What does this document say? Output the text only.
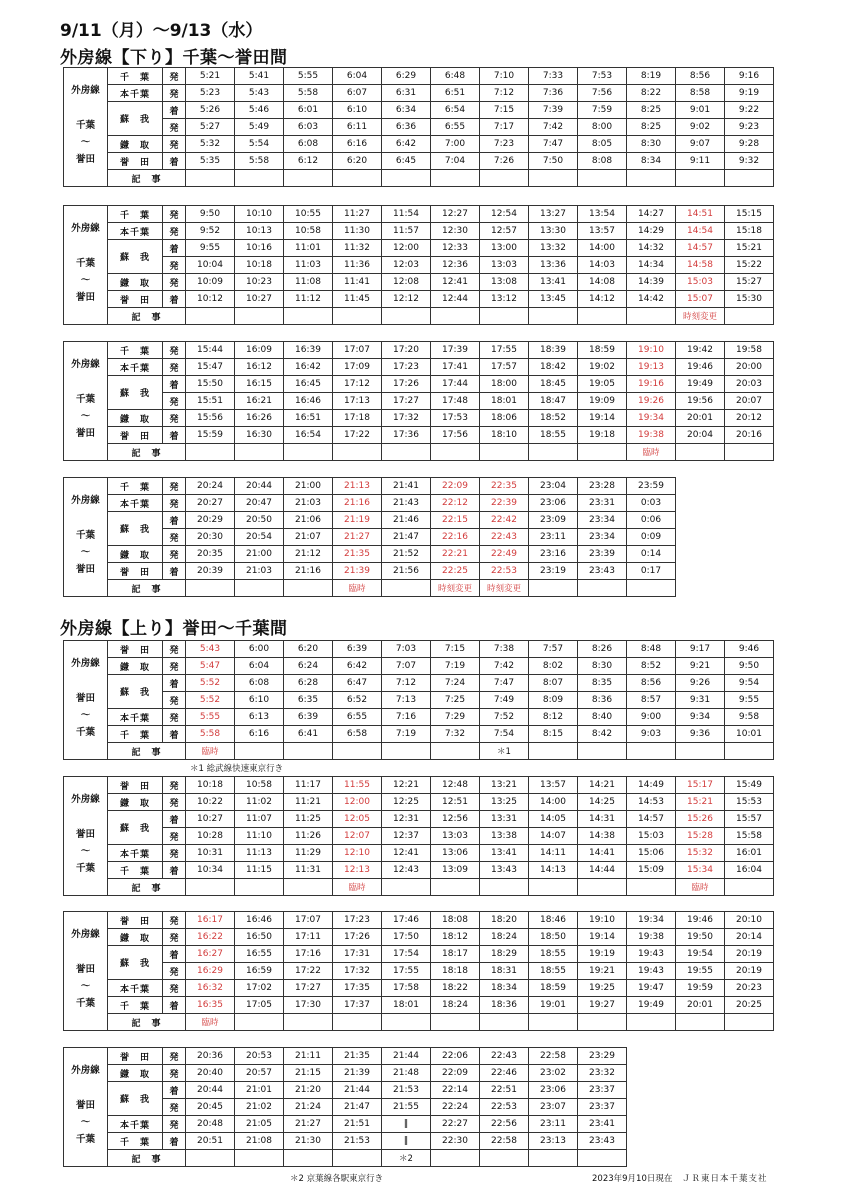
9/11（月）～9/13（水）
外房線【下り】千葉～誉田間
外房線【上り】誉田～千葉間
外房線
千葉
～
誉田	千　葉	発	5:21	5:41	5:55	6:04	6:29	6:48	7:10	7:33	7:53	8:19	8:56	9:16
	本千葉	発	5:23	5:43	5:58	6:07	6:31	6:51	7:12	7:36	7:56	8:22	8:58	9:19
	蘇　我	着	5:26	5:46	6:01	6:10	6:34	6:54	7:15	7:39	7:59	8:25	9:01	9:22
		発	5:27	5:49	6:03	6:11	6:36	6:55	7:17	7:42	8:00	8:25	9:02	9:23
	鎌　取	発	5:32	5:54	6:08	6:16	6:42	7:00	7:23	7:47	8:05	8:30	9:07	9:28
	誉　田	着	5:35	5:58	6:12	6:20	6:45	7:04	7:26	7:50	8:08	8:34	9:11	9:32
	記　事													
外房線
千葉
～
誉田	千　葉	発	9:50	10:10	10:55	11:27	11:54	12:27	12:54	13:27	13:54	14:27	14:51	15:15
	本千葉	発	9:52	10:13	10:58	11:30	11:57	12:30	12:57	13:30	13:57	14:29	14:54	15:18
	蘇　我	着	9:55	10:16	11:01	11:32	12:00	12:33	13:00	13:32	14:00	14:32	14:57	15:21
		発	10:04	10:18	11:03	11:36	12:03	12:36	13:03	13:36	14:03	14:34	14:58	15:22
	鎌　取	発	10:09	10:23	11:08	11:41	12:08	12:41	13:08	13:41	14:08	14:39	15:03	15:27
	誉　田	着	10:12	10:27	11:12	11:45	12:12	12:44	13:12	13:45	14:12	14:42	15:07	15:30
	記　事												時刻変更	
外房線
千葉
～
誉田	千　葉	発	15:44	16:09	16:39	17:07	17:20	17:39	17:55	18:39	18:59	19:10	19:42	19:58
	本千葉	発	15:47	16:12	16:42	17:09	17:23	17:41	17:57	18:42	19:02	19:13	19:46	20:00
	蘇　我	着	15:50	16:15	16:45	17:12	17:26	17:44	18:00	18:45	19:05	19:16	19:49	20:03
		発	15:51	16:21	16:46	17:13	17:27	17:48	18:01	18:47	19:09	19:26	19:56	20:07
	鎌　取	発	15:56	16:26	16:51	17:18	17:32	17:53	18:06	18:52	19:14	19:34	20:01	20:12
	誉　田	着	15:59	16:30	16:54	17:22	17:36	17:56	18:10	18:55	19:18	19:38	20:04	20:16
	記　事											臨時		
外房線
千葉
～
誉田	千　葉	発	20:24	20:44	21:00	21:13	21:41	22:09	22:35	23:04	23:28	23:59
	本千葉	発	20:27	20:47	21:03	21:16	21:43	22:12	22:39	23:06	23:31	0:03
	蘇　我	着	20:29	20:50	21:06	21:19	21:46	22:15	22:42	23:09	23:34	0:06
		発	20:30	20:54	21:07	21:27	21:47	22:16	22:43	23:11	23:34	0:09
	鎌　取	発	20:35	21:00	21:12	21:35	21:52	22:21	22:49	23:16	23:39	0:14
	誉　田	着	20:39	21:03	21:16	21:39	21:56	22:25	22:53	23:19	23:43	0:17
	記　事					臨時		時刻変更	時刻変更			
外房線
誉田
～
千葉	誉　田	発	5:43	6:00	6:20	6:39	7:03	7:15	7:38	7:57	8:26	8:48	9:17	9:46
	鎌　取	発	5:47	6:04	6:24	6:42	7:07	7:19	7:42	8:02	8:30	8:52	9:21	9:50
	蘇　我	着	5:52	6:08	6:28	6:47	7:12	7:24	7:47	8:07	8:35	8:56	9:26	9:54
		発	5:52	6:10	6:35	6:52	7:13	7:25	7:49	8:09	8:36	8:57	9:31	9:55
	本千葉	発	5:55	6:13	6:39	6:55	7:16	7:29	7:52	8:12	8:40	9:00	9:34	9:58
	千　葉	着	5:58	6:16	6:41	6:58	7:19	7:32	7:54	8:15	8:42	9:03	9:36	10:01
	記　事		臨時						＊1					
外房線
誉田
～
千葉	誉　田	発	10:18	10:58	11:17	11:55	12:21	12:48	13:21	13:57	14:21	14:49	15:17	15:49
	鎌　取	発	10:22	11:02	11:21	12:00	12:25	12:51	13:25	14:00	14:25	14:53	15:21	15:53
	蘇　我	着	10:27	11:07	11:25	12:05	12:31	12:56	13:31	14:05	14:31	14:57	15:26	15:57
		発	10:28	11:10	11:26	12:07	12:37	13:03	13:38	14:07	14:38	15:03	15:28	15:58
	本千葉	発	10:31	11:13	11:29	12:10	12:41	13:06	13:41	14:11	14:41	15:06	15:32	16:01
	千　葉	着	10:34	11:15	11:31	12:13	12:43	13:09	13:43	14:13	14:44	15:09	15:34	16:04
	記　事					臨時							臨時	
外房線
誉田
～
千葉	誉　田	発	16:17	16:46	17:07	17:23	17:46	18:08	18:20	18:46	19:10	19:34	19:46	20:10
	鎌　取	発	16:22	16:50	17:11	17:26	17:50	18:12	18:24	18:50	19:14	19:38	19:50	20:14
	蘇　我	着	16:27	16:55	17:16	17:31	17:54	18:17	18:29	18:55	19:19	19:43	19:54	20:19
		発	16:29	16:59	17:22	17:32	17:55	18:18	18:31	18:55	19:21	19:43	19:55	20:19
	本千葉	発	16:32	17:02	17:27	17:35	17:58	18:22	18:34	18:59	19:25	19:47	19:59	20:23
	千　葉	着	16:35	17:05	17:30	17:37	18:01	18:24	18:36	19:01	19:27	19:49	20:01	20:25
	記　事		臨時											
外房線
誉田
～
千葉	誉　田	発	20:36	20:53	21:11	21:35	21:44	22:06	22:43	22:58	23:29
	鎌　取	発	20:40	20:57	21:15	21:39	21:48	22:09	22:46	23:02	23:32
	蘇　我	着	20:44	21:01	21:20	21:44	21:53	22:14	22:51	23:06	23:37
		発	20:45	21:02	21:24	21:47	21:55	22:24	22:53	23:07	23:37
	本千葉	発	20:48	21:05	21:27	21:51	‖	22:27	22:56	23:11	23:41
	千　葉	着	20:51	21:08	21:30	21:53	‖	22:30	22:58	23:13	23:43
	記　事						＊2				
＊1 総武線快速東京行き
＊2 京葉線各駅東京行き	2023年9月10日現在 ＪＲ東日本千葉支社
